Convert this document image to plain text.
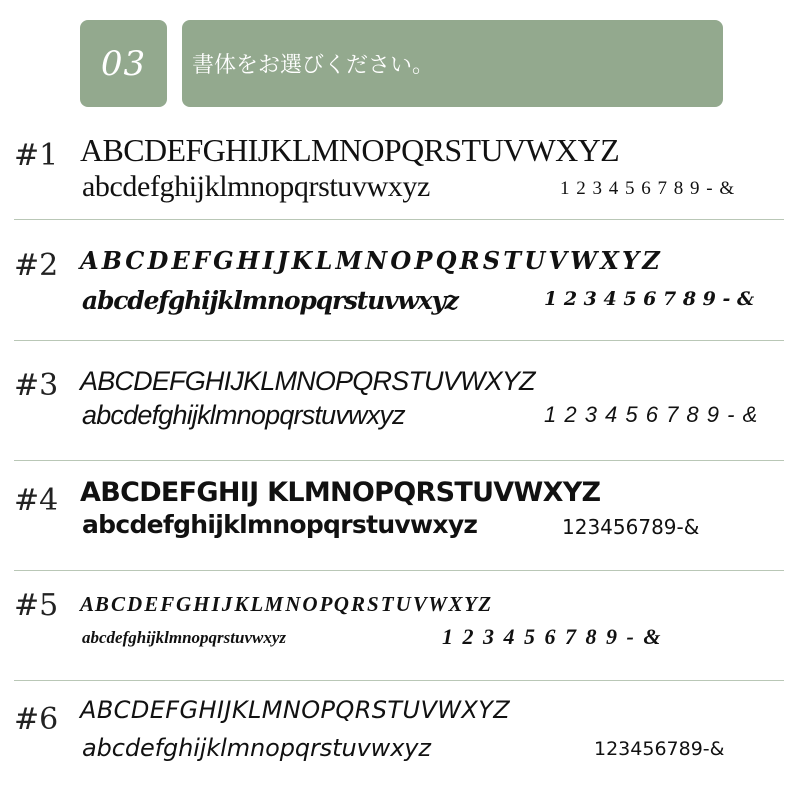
03 書体をお選びください。
#1 ABCDEFGHIJKLMNOPQRSTUVWXYZ
abcdefghijklmnopqrstuvwxyz	1 2 3 4 5 6 7 8 9 - &
#2 A B C D E F G H I J K L M N O P Q R S T U V W X Y Z
abcdefghijklmnopqrstuvwxyz	1 2 3 4 5 6 7 8 9 - &
#3 ABCDEFGHIJKLMNOPQRSTUVWXYZ
abcdefghijklmnopqrstuvwxyz	1 2 3 4 5 6 7 8 9 - &
#4 ABCDEFGHIJ KLMNOPQRSTUVWXYZ
abcdefghijklmnopqrstuvwxyz	123456789-&
#5 A B C D E F G H I J K L M N O P Q R S T U V W X Y Z
abcdefghijklmnopqrstuvwxyz	1 2 3 4 5 6 7 8 9 - &
#6 ABCDEFGHIJKLMNOPQRSTUVWXYZ
abcdefghijklmnopqrstuvwxyz	123456789-&
